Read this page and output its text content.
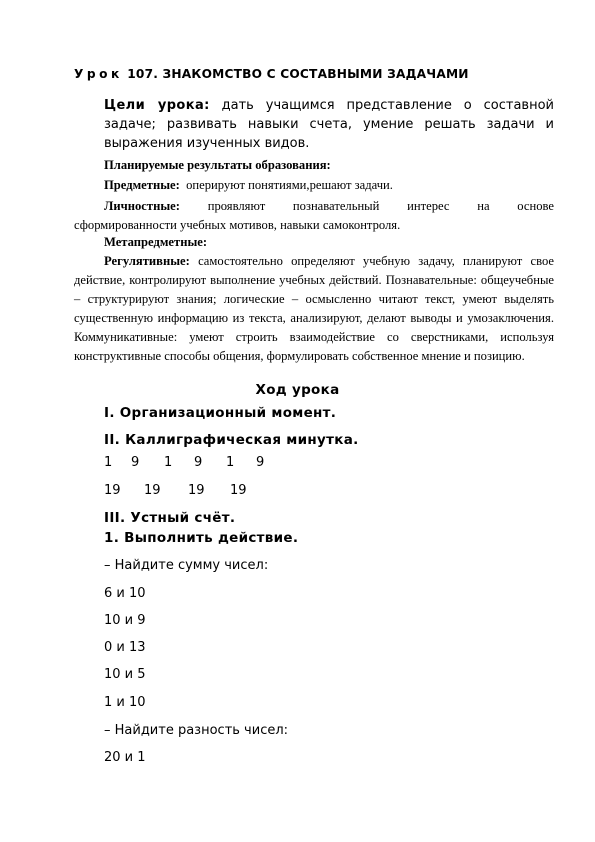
Урок 107. ЗНАКОМСТВО С СОСТАВНЫМИ ЗАДАЧАМИ

Цели урока: дать учащимся представление о составной задаче; развивать навыки счета, умение решать задачи и выражения изученных видов.

Планируемые результаты образования:
Предметные: оперируют понятиями,решают задачи.
Личностные: проявляют познавательный интерес на основе
сформированности учебных мотивов, навыки самоконтроля.
Метапредметные:

Регулятивные: самостоятельно определяют учебную задачу, планируют свое действие, контролируют выполнение учебных действий. Познавательные: общеучебные – структурируют знания; логические – осмысленно читают текст, умеют выделять существенную информацию из текста, анализируют, делают выводы и умозаключения. Коммуникативные: умеют строить взаимодействие со сверстниками, используя конструктивные способы общения, формулировать собственное мнение и позицию.

Ход урока
I. Организационный момент.
II. Каллиграфическая минутка.
1 9 1 9 1 9
19 19 19 19
III. Устный счёт.
1. Выполнить действие.
– Найдите сумму чисел:
6 и 10
10 и 9
0 и 13
10 и 5
1 и 10
– Найдите разность чисел:
20 и 1
